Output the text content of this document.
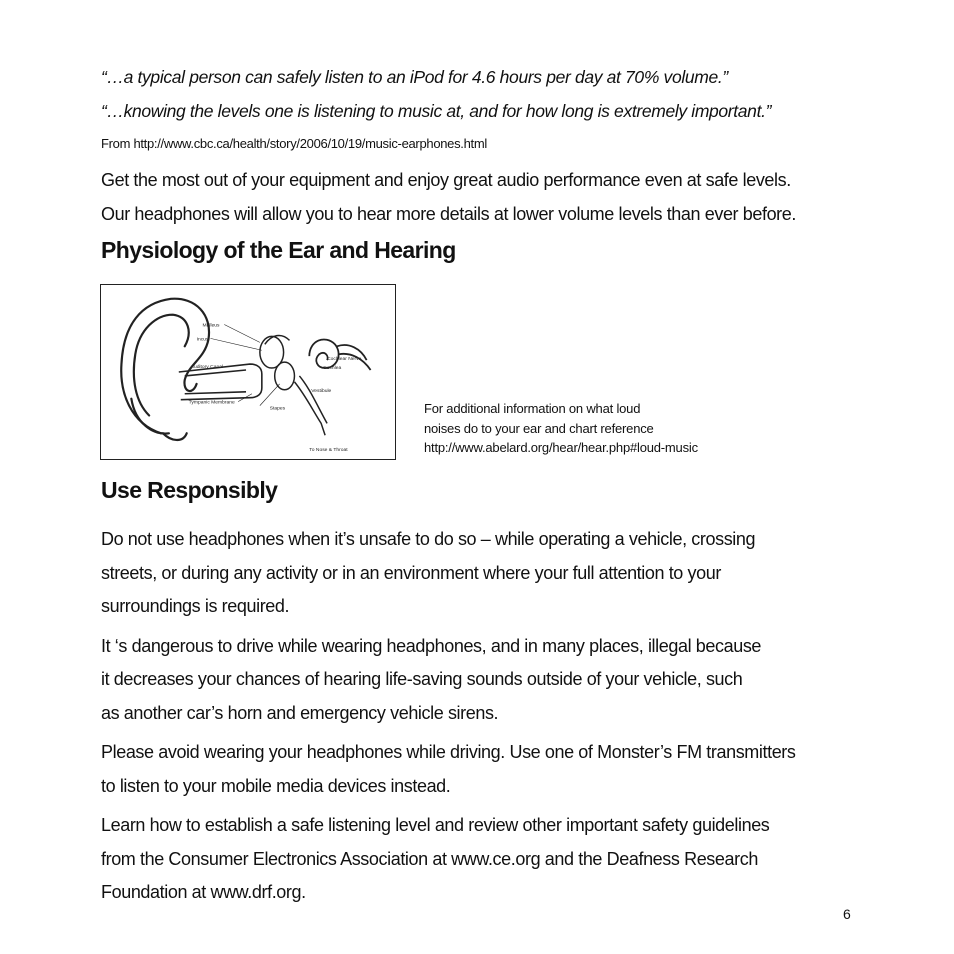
“…a typical person can safely listen to an iPod for 4.6 hours per day at 70% volume.”
“…knowing the levels one is listening to music at, and for how long is extremely important.”
From http://www.cbc.ca/health/story/2006/10/19/music-earphones.html
Get the most out of your equipment and enjoy great audio performance even at safe levels.
Our headphones will allow you to hear more details at lower volume levels than ever before.
Physiology of the Ear and Hearing
Malleus
Incus
Auditory Canal
Cochlear Nerve
Cochlea
Vestibule
Tympanic Membrane
Stapes
To Nose & Throat
For additional information on what loud
noises do to your ear and chart reference
http://www.abelard.org/hear/hear.php#loud-music
Use Responsibly
Do not use headphones when it’s unsafe to do so – while operating a vehicle, crossing
streets, or during any activity or in an environment where your full attention to your
surroundings is required.
It ‘s dangerous to drive while wearing headphones, and in many places, illegal because
it decreases your chances of hearing life-saving sounds outside of your vehicle, such
as another car’s horn and emergency vehicle sirens.
Please avoid wearing your headphones while driving. Use one of Monster’s FM transmitters
to listen to your mobile media devices instead.
Learn how to establish a safe listening level and review other important safety guidelines
from the Consumer Electronics Association at www.ce.org and the Deafness Research
Foundation at www.drf.org.
6
